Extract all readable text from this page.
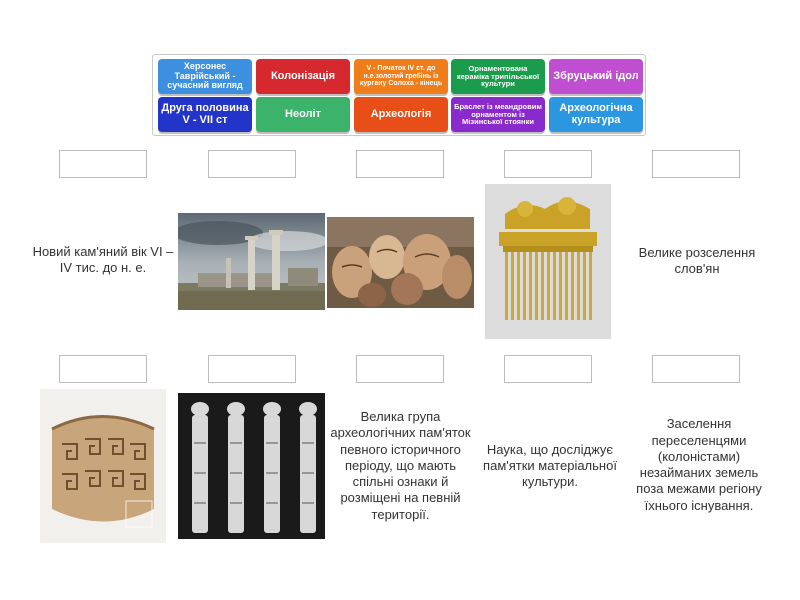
Херсонес Таврійський - сучасний вигляд
Колонізація
V - Початок IV ст. до н.е.золотий гребінь із кургану Солоха - кінець
Орнаментована кераміка трипільської культури
Збруцький ідол
Друга половина V - VII ст	Неоліт	Археологія
Браслет із меандровим орнаментом із Мізинської стоянки
Археологічна культура
Новий кам'яний вік VI – IV тис. до н. е.
Велике розселення слов'ян
Велика група археологічних пам'яток певного історичного періоду, що мають спільні ознаки й розміщені на певній території.
Наука, що досліджує пам'ятки матеріальної культури.
Заселення переселенцями (колоністами) незайманих земель поза межами регіону їхнього існування.
